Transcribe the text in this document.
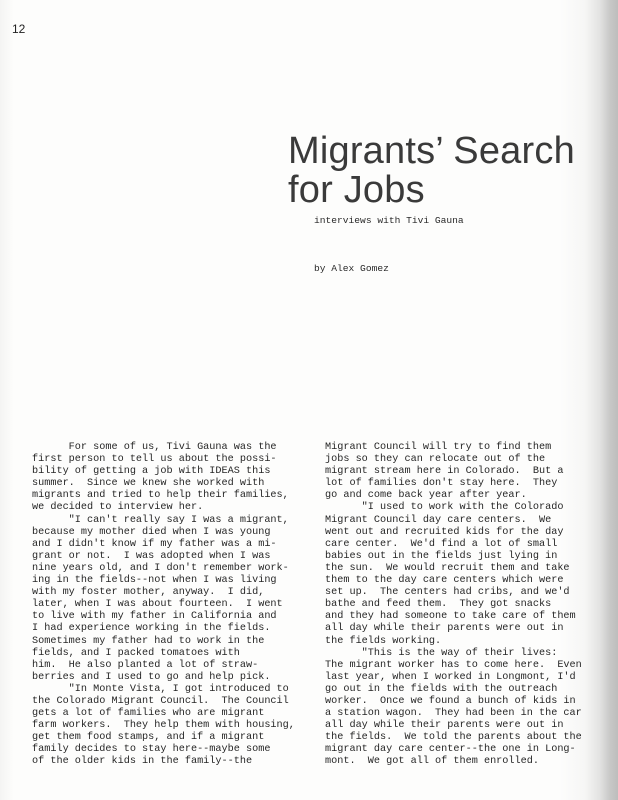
12
Migrants’ Search
for Jobs
interviews with Tivi Gauna
by Alex Gomez
For some of us, Tivi Gauna was the
first person to tell us about the possi-
bility of getting a job with IDEAS this
summer.  Since we knew she worked with
migrants and tried to help their families,
we decided to interview her.
"I can't really say I was a migrant,
because my mother died when I was young
and I didn't know if my father was a mi-
grant or not.  I was adopted when I was
nine years old, and I don't remember work-
ing in the fields--not when I was living
with my foster mother, anyway.  I did,
later, when I was about fourteen.  I went
to live with my father in California and
I had experience working in the fields.
Sometimes my father had to work in the
fields, and I packed tomatoes with
him.  He also planted a lot of straw-
berries and I used to go and help pick.
"In Monte Vista, I got introduced to
the Colorado Migrant Council.  The Council
gets a lot of families who are migrant
farm workers.  They help them with housing,
get them food stamps, and if a migrant
family decides to stay here--maybe some
of the older kids in the family--the
Migrant Council will try to find them
jobs so they can relocate out of the
migrant stream here in Colorado.  But a
lot of families don't stay here.  They
go and come back year after year.
"I used to work with the Colorado
Migrant Council day care centers.  We
went out and recruited kids for the day
care center.  We'd find a lot of small
babies out in the fields just lying in
the sun.  We would recruit them and take
them to the day care centers which were
set up.  The centers had cribs, and we'd
bathe and feed them.  They got snacks
and they had someone to take care of them
all day while their parents were out in
the fields working.
"This is the way of their lives:
The migrant worker has to come here.  Even
last year, when I worked in Longmont, I'd
go out in the fields with the outreach
worker.  Once we found a bunch of kids in
a station wagon.  They had been in the car
all day while their parents were out in
the fields.  We told the parents about the
migrant day care center--the one in Long-
mont.  We got all of them enrolled.
